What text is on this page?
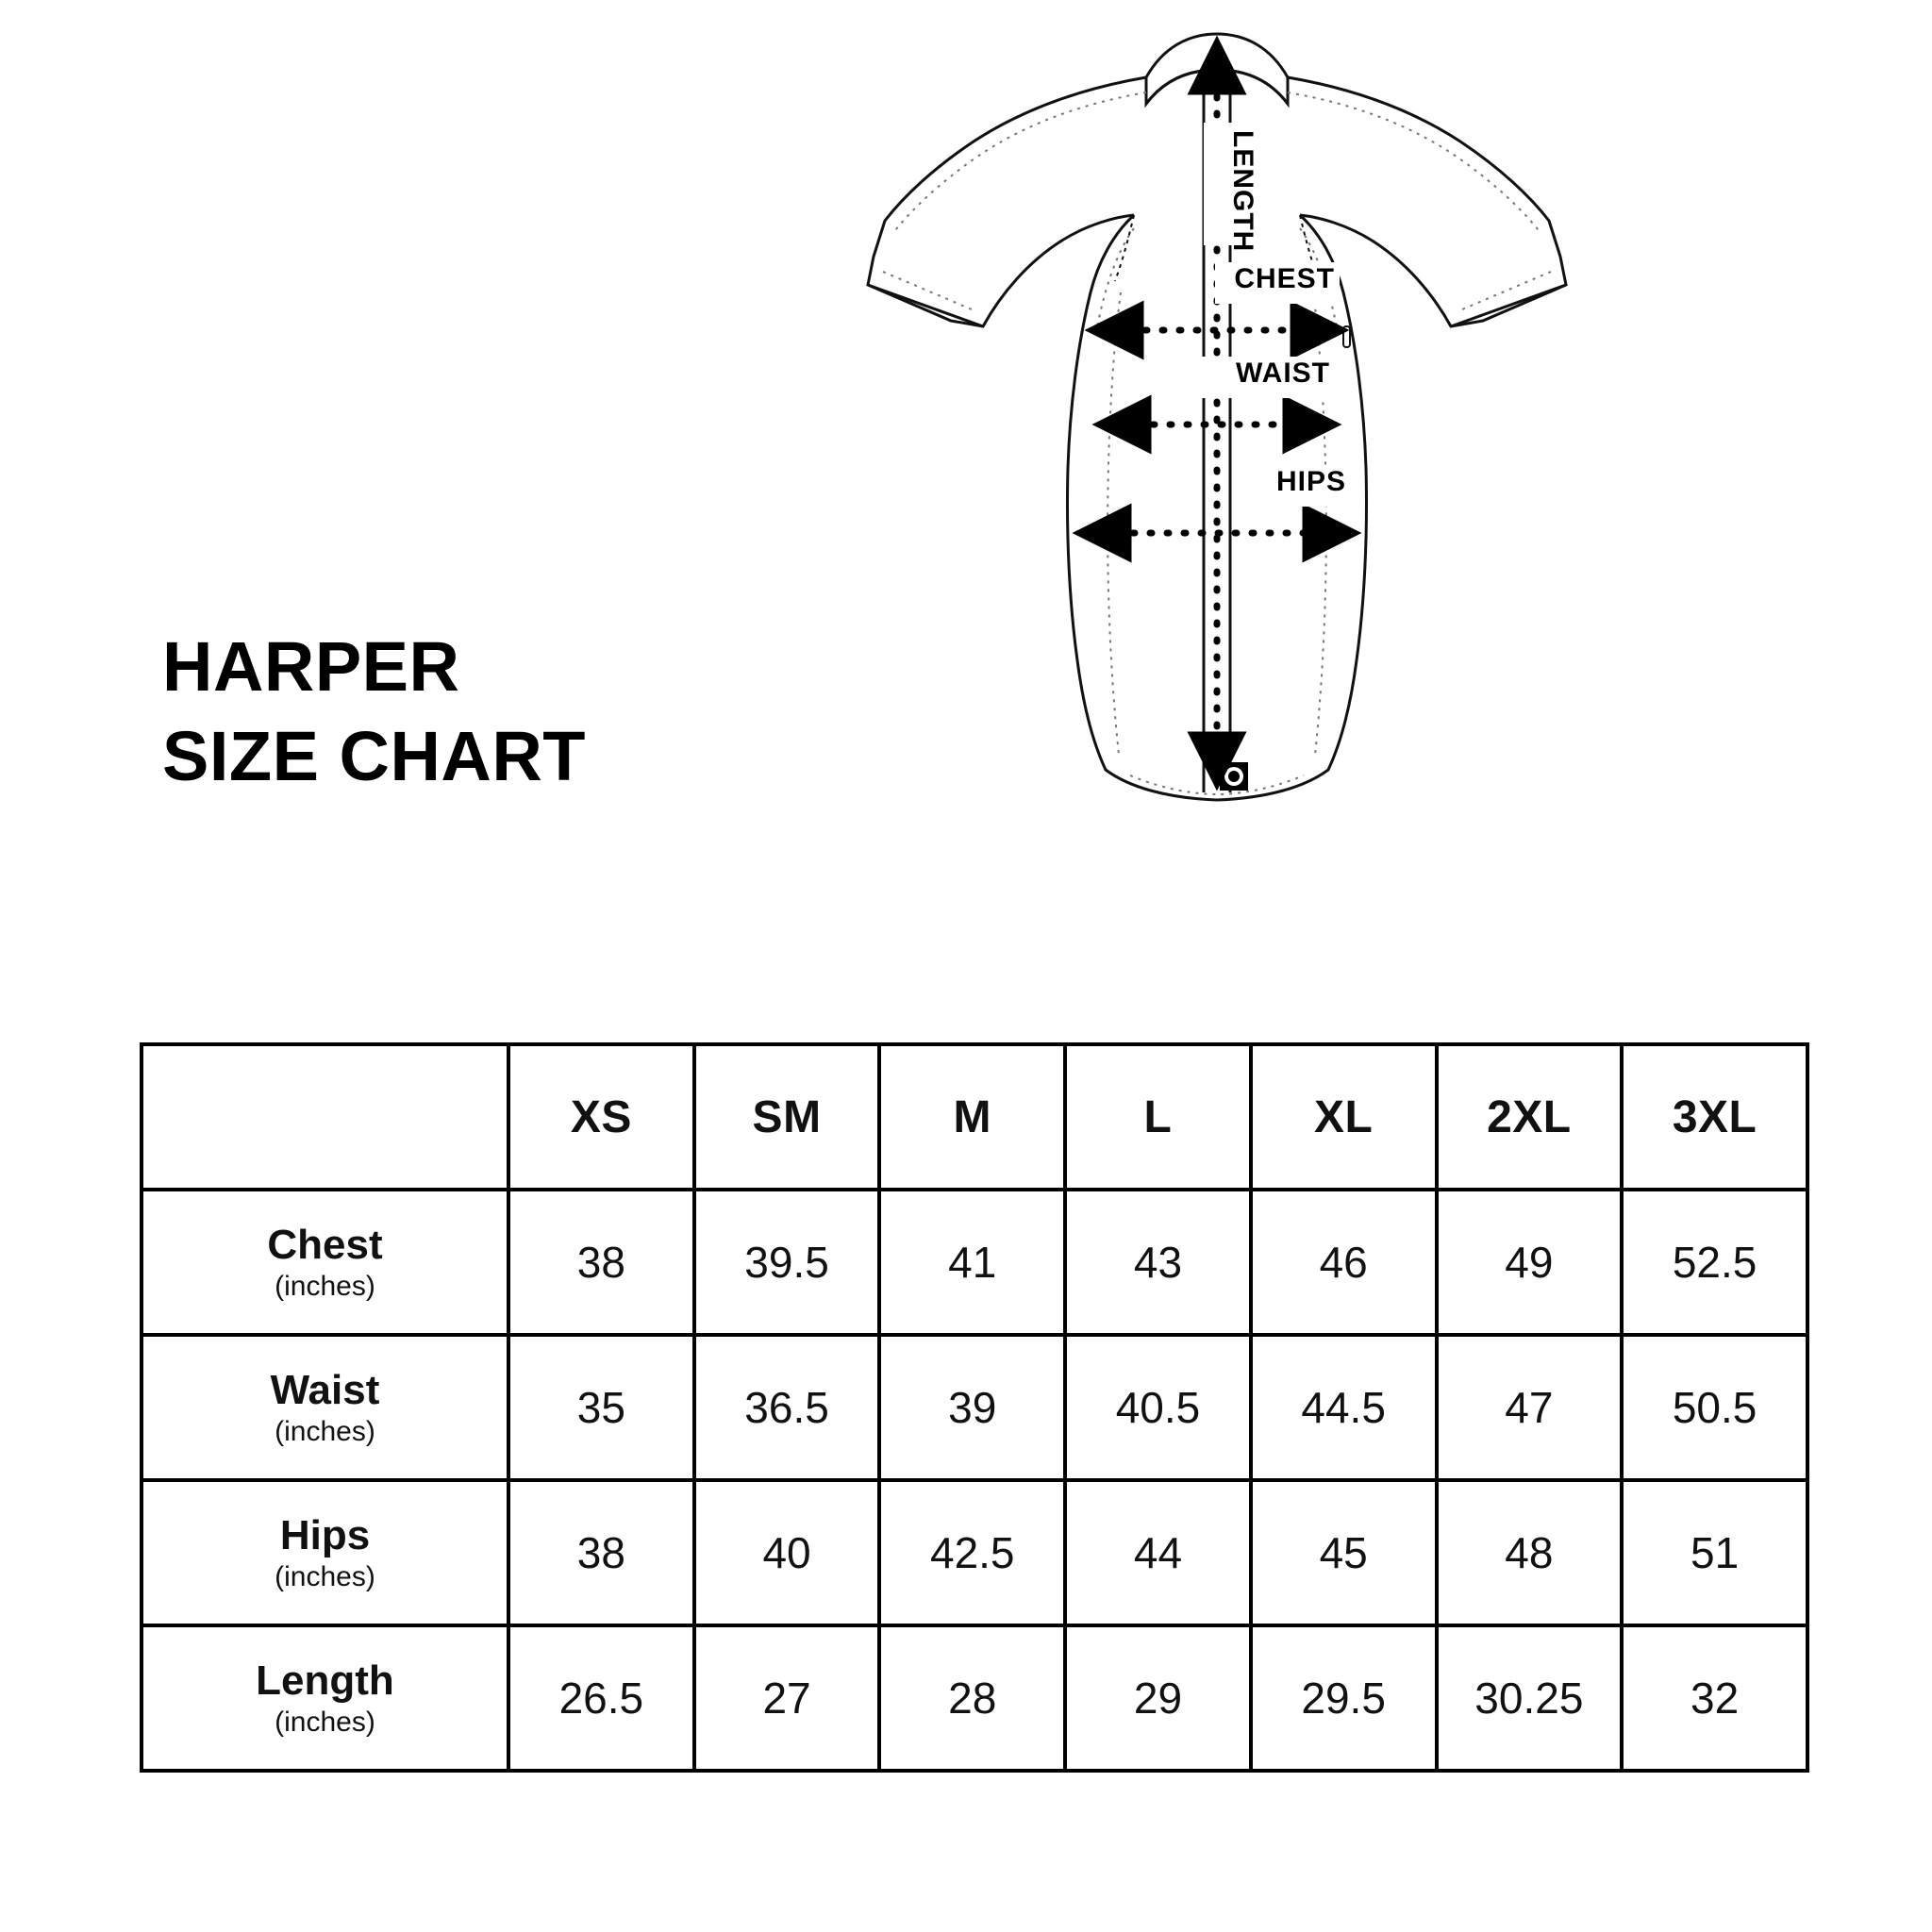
HARPER
SIZE CHART
LENGTH
CHEST
WAIST
HIPS
	XS	SM	M	L	XL	2XL	3XL

Chest
(inches)	38	39.5	41	43	46	49	52.5

Waist
(inches)	35	36.5	39	40.5	44.5	47	50.5

Hips
(inches)	38	40	42.5	44	45	48	51

Length
(inches)	26.5	27	28	29	29.5	30.25	32
